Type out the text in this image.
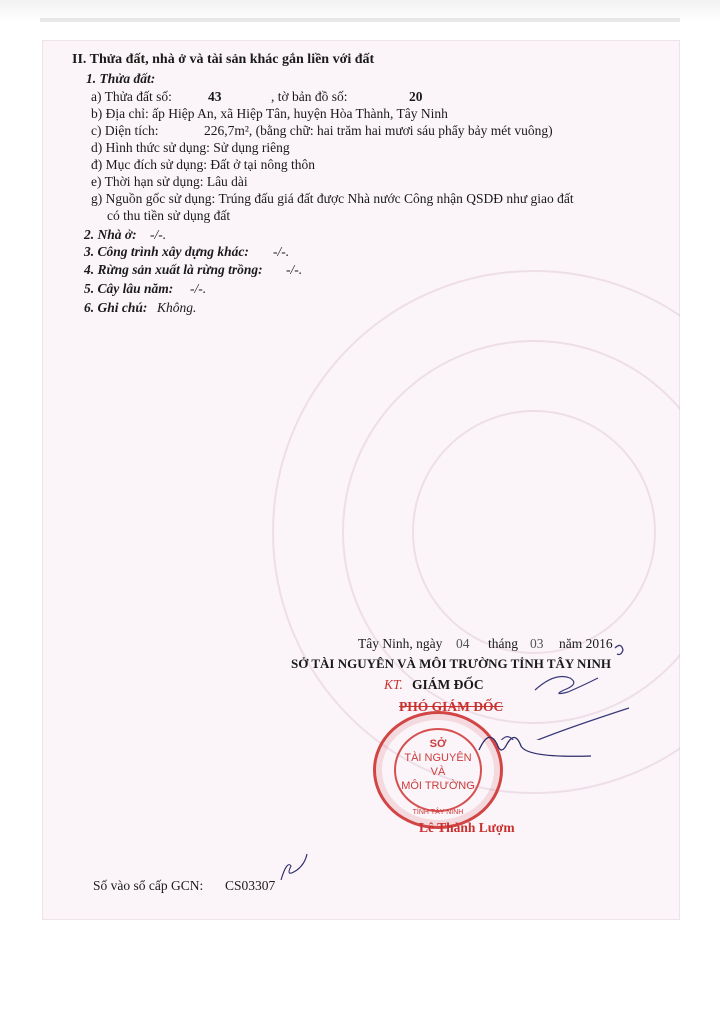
II. Thửa đất, nhà ở và tài sản khác gắn liền với đất
1. Thửa đất:
a) Thửa đất số:	43	, tờ bản đồ số:	20
b) Địa chỉ: ấp Hiệp An, xã Hiệp Tân, huyện Hòa Thành, Tây Ninh
c) Diện tích:	226,7m², (bằng chữ: hai trăm hai mươi sáu phẩy bảy mét vuông)
d) Hình thức sử dụng: Sử dụng riêng
đ) Mục đích sử dụng: Đất ở tại nông thôn
e) Thời hạn sử dụng: Lâu dài
g) Nguồn gốc sử dụng: Trúng đấu giá đất được Nhà nước Công nhận QSDĐ như giao đất
có thu tiền sử dụng đất
2. Nhà ở: -/-.
3. Công trình xây dựng khác: -/-.
4. Rừng sản xuất là rừng trồng: -/-.
5. Cây lâu năm: -/-.
6. Ghi chú: Không.
Tây Ninh, ngày 04 tháng 03 năm 2016
SỞ TÀI NGUYÊN VÀ MÔI TRƯỜNG TỈNH TÂY NINH
KT. GIÁM ĐỐC
PHÓ GIÁM ĐỐC
SỞ
TÀI NGUYÊN
VÀ
MÔI TRƯỜNG
TỈNH TÂY NINH
Lê Thành Lượm
Số vào sổ cấp GCN: CS03307
